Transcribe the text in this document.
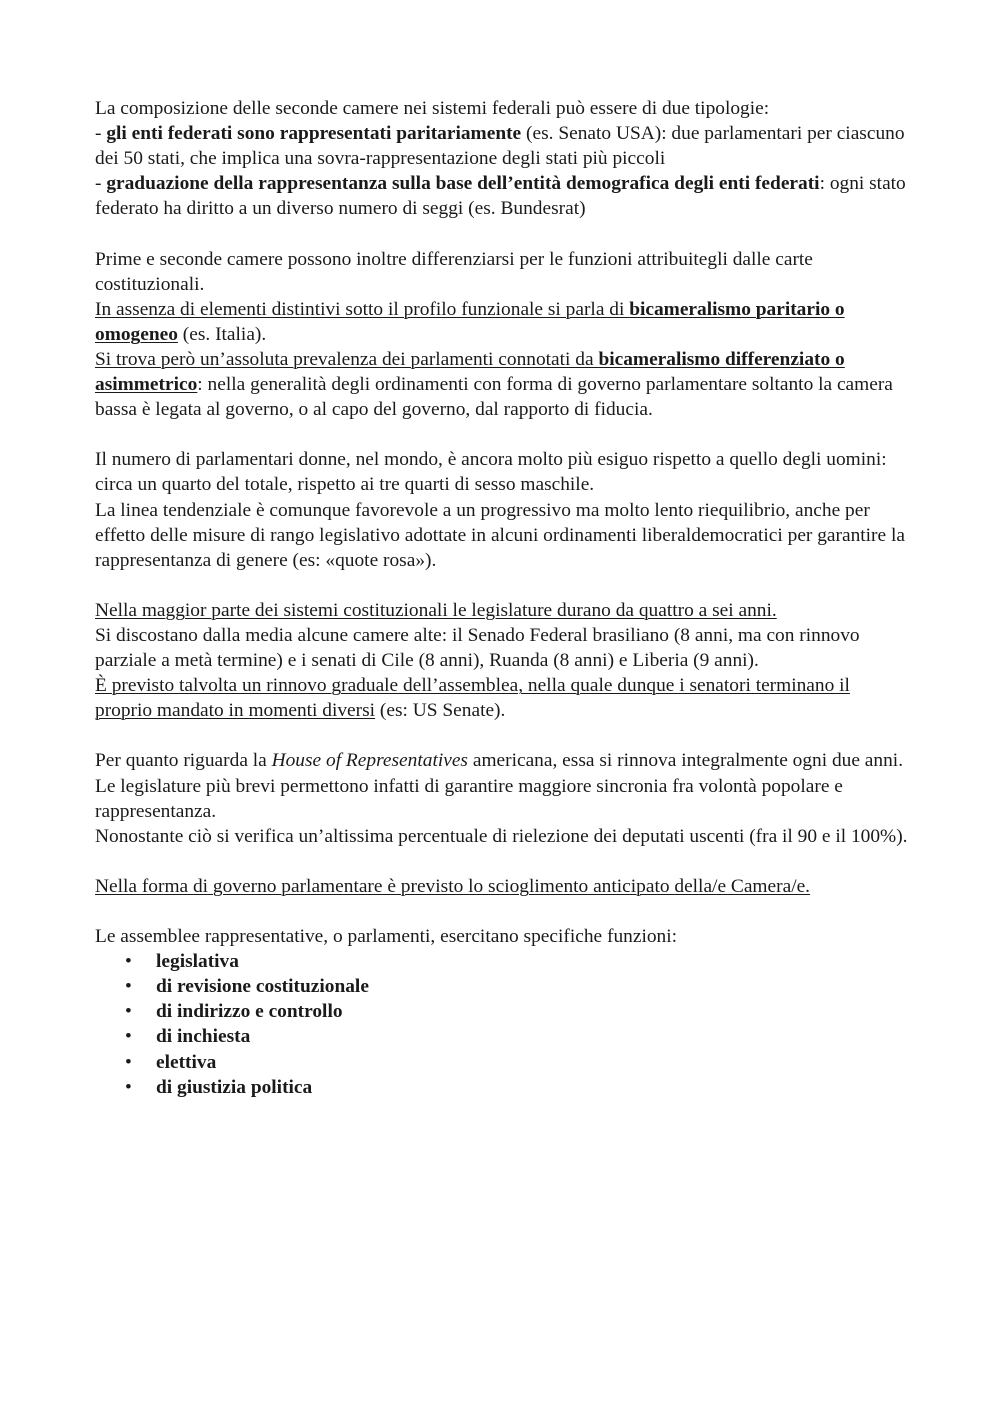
La composizione delle seconde camere nei sistemi federali può essere di due tipologie:
- gli enti federati sono rappresentati paritariamente (es. Senato USA): due parlamentari per ciascuno dei 50 stati, che implica una sovra-rappresentazione degli stati più piccoli
- graduazione della rappresentanza sulla base dell’entità demografica degli enti federati: ogni stato federato ha diritto a un diverso numero di seggi (es. Bundesrat)

Prime e seconde camere possono inoltre differenziarsi per le funzioni attribuitegli dalle carte costituzionali.
In assenza di elementi distintivi sotto il profilo funzionale si parla di bicameralismo paritario o omogeneo (es. Italia).
Si trova però un’assoluta prevalenza dei parlamenti connotati da bicameralismo differenziato o asimmetrico: nella generalità degli ordinamenti con forma di governo parlamentare soltanto la camera bassa è legata al governo, o al capo del governo, dal rapporto di fiducia.

Il numero di parlamentari donne, nel mondo, è ancora molto più esiguo rispetto a quello degli uomini: circa un quarto del totale, rispetto ai tre quarti di sesso maschile.
La linea tendenziale è comunque favorevole a un progressivo ma molto lento riequilibrio, anche per effetto delle misure di rango legislativo adottate in alcuni ordinamenti liberaldemocratici per garantire la rappresentanza di genere (es: «quote rosa»).

Nella maggior parte dei sistemi costituzionali le legislature durano da quattro a sei anni.
Si discostano dalla media alcune camere alte: il Senado Federal brasiliano (8 anni, ma con rinnovo parziale a metà termine) e i senati di Cile (8 anni), Ruanda (8 anni) e Liberia (9 anni).
È previsto talvolta un rinnovo graduale dell’assemblea, nella quale dunque i senatori terminano il proprio mandato in momenti diversi (es: US Senate).

Per quanto riguarda la House of Representatives americana, essa si rinnova integralmente ogni due anni.
Le legislature più brevi permettono infatti di garantire maggiore sincronia fra volontà popolare e rappresentanza.
Nonostante ciò si verifica un’altissima percentuale di rielezione dei deputati uscenti (fra il 90 e il 100%).

Nella forma di governo parlamentare è previsto lo scioglimento anticipato della/e Camera/e.

Le assemblee rappresentative, o parlamenti, esercitano specifiche funzioni:

• legislativa
• di revisione costituzionale
• di indirizzo e controllo
• di inchiesta
• elettiva
• di giustizia politica
